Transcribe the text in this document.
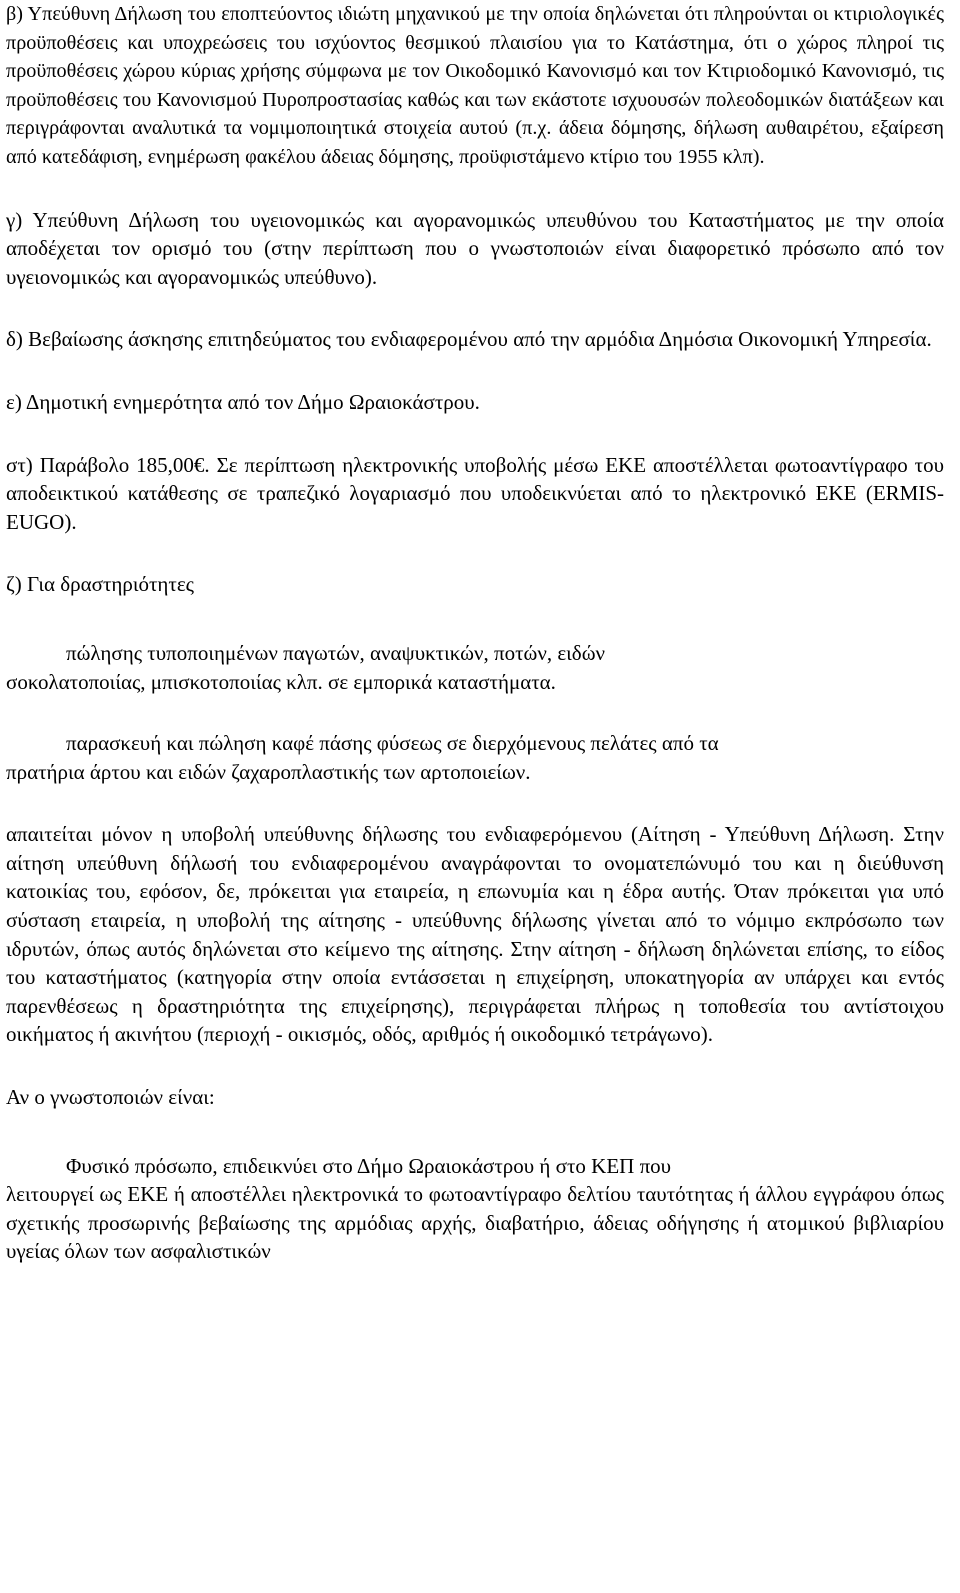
β) Υπεύθυνη Δήλωση του εποπτεύοντος ιδιώτη μηχανικού με την οποία δηλώνεται ότι πληρούνται οι κτιριολογικές προϋποθέσεις και υποχρεώσεις του ισχύοντος θεσμικού πλαισίου για το Κατάστημα, ότι ο χώρος πληροί τις προϋποθέσεις χώρου κύριας χρήσης σύμφωνα με τον Οικοδομικό Κανονισμό και τον Κτιριοδομικό Κανονισμό, τις προϋποθέσεις του Κανονισμού Πυροπροστασίας καθώς και των εκάστοτε ισχυουσών πολεοδομικών διατάξεων και περιγράφονται αναλυτικά τα νομιμοποιητικά στοιχεία αυτού (π.χ. άδεια δόμησης, δήλωση αυθαιρέτου, εξαίρεση από κατεδάφιση, ενημέρωση φακέλου άδειας δόμησης, προϋφιστάμενο κτίριο του 1955 κλπ).

γ) Υπεύθυνη Δήλωση του υγειονομικώς και αγορανομικώς υπευθύνου του Καταστήματος με την οποία αποδέχεται τον ορισμό του (στην περίπτωση που ο γνωστοποιών είναι διαφορετικό πρόσωπο από τον υγειονομικώς και αγορανομικώς υπεύθυνο).

δ) Βεβαίωσης άσκησης επιτηδεύματος του ενδιαφερομένου από την αρμόδια Δημόσια Οικονομική Υπηρεσία.

ε) Δημοτική ενημερότητα από τον Δήμο Ωραιοκάστρου.

στ) Παράβολο 185,00€. Σε περίπτωση ηλεκτρονικής υποβολής μέσω ΕΚΕ αποστέλλεται φωτοαντίγραφο του αποδεικτικού κατάθεσης σε τραπεζικό λογαριασμό που υποδεικνύεται από το ηλεκτρονικό ΕΚΕ (ERMIS-EUGO).

ζ) Για δραστηριότητες

πώλησης τυποποιημένων παγωτών, αναψυκτικών, ποτών, ειδών

σοκολατοποιίας, μπισκοτοποιίας κλπ. σε εμπορικά καταστήματα.

παρασκευή και πώληση καφέ πάσης φύσεως σε διερχόμενους πελάτες από τα

πρατήρια άρτου και ειδών ζαχαροπλαστικής των αρτοποιείων.

απαιτείται μόνον η υποβολή υπεύθυνης δήλωσης του ενδιαφερόμενου (Αίτηση - Υπεύθυνη Δήλωση. Στην αίτηση υπεύθυνη δήλωσή του ενδιαφερομένου αναγράφονται το ονοματεπώνυμό του και η διεύθυνση κατοικίας του, εφόσον, δε, πρόκειται για εταιρεία, η επωνυμία και η έδρα αυτής. Όταν πρόκειται για υπό σύσταση εταιρεία, η υποβολή της αίτησης - υπεύθυνης δήλωσης γίνεται από το νόμιμο εκπρόσωπο των ιδρυτών, όπως αυτός δηλώνεται στο κείμενο της αίτησης. Στην αίτηση - δήλωση δηλώνεται επίσης, το είδος του καταστήματος (κατηγορία στην οποία εντάσσεται η επιχείρηση, υποκατηγορία αν υπάρχει και εντός παρενθέσεως η δραστηριότητα της επιχείρησης), περιγράφεται πλήρως η τοποθεσία του αντίστοιχου οικήματος ή ακινήτου (περιοχή - οικισμός, οδός, αριθμός ή οικοδομικό τετράγωνο).

Αν ο γνωστοποιών είναι:

Φυσικό πρόσωπο, επιδεικνύει στο Δήμο Ωραιοκάστρου ή στο ΚΕΠ που

λειτουργεί ως ΕΚΕ ή αποστέλλει ηλεκτρονικά το φωτοαντίγραφο δελτίου ταυτότητας ή άλλου εγγράφου όπως σχετικής προσωρινής βεβαίωσης της αρμόδιας αρχής, διαβατήριο, άδειας οδήγησης ή ατομικού βιβλιαρίου υγείας όλων των ασφαλιστικών
